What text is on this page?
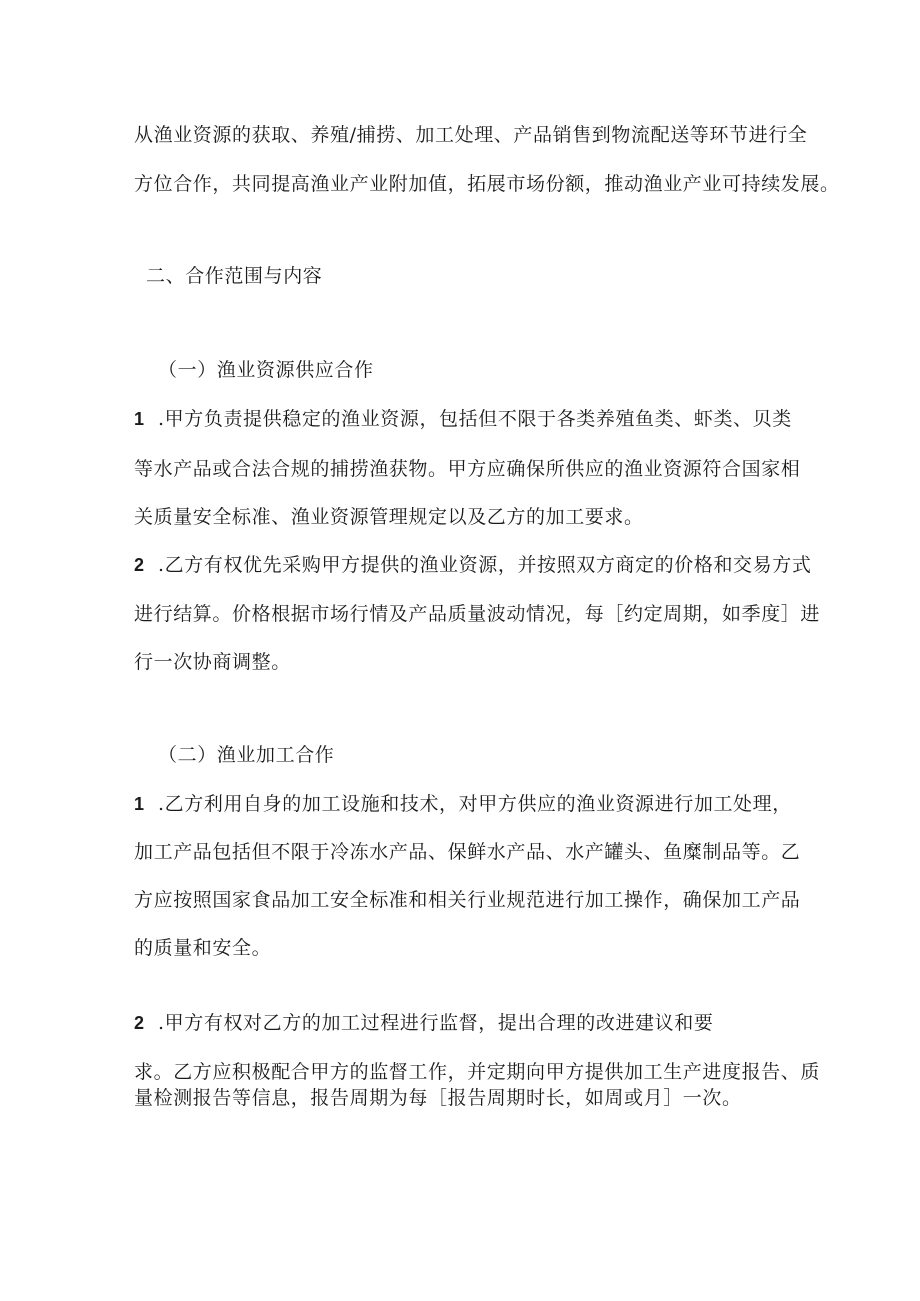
从渔业资源的获取、养殖/捕捞、加工处理、产品销售到物流配送等环节进行全
方位合作，共同提高渔业产业附加值，拓展市场份额，推动渔业产业可持续发展。
二、合作范围与内容
（一）渔业资源供应合作
1 .甲方负责提供稳定的渔业资源，包括但不限于各类养殖鱼类、虾类、贝类
等水产品或合法合规的捕捞渔获物。甲方应确保所供应的渔业资源符合国家相
关质量安全标准、渔业资源管理规定以及乙方的加工要求。
2 .乙方有权优先采购甲方提供的渔业资源，并按照双方商定的价格和交易方式
进行结算。价格根据市场行情及产品质量波动情况，每［约定周期，如季度］进
行一次协商调整。
（二）渔业加工合作
1 .乙方利用自身的加工设施和技术，对甲方供应的渔业资源进行加工处理，
加工产品包括但不限于冷冻水产品、保鲜水产品、水产罐头、鱼糜制品等。乙
方应按照国家食品加工安全标准和相关行业规范进行加工操作，确保加工产品
的质量和安全。
2 .甲方有权对乙方的加工过程进行监督，提出合理的改进建议和要
求。乙方应积极配合甲方的监督工作，并定期向甲方提供加工生产进度报告、质
量检测报告等信息，报告周期为每［报告周期时长，如周或月］一次。
